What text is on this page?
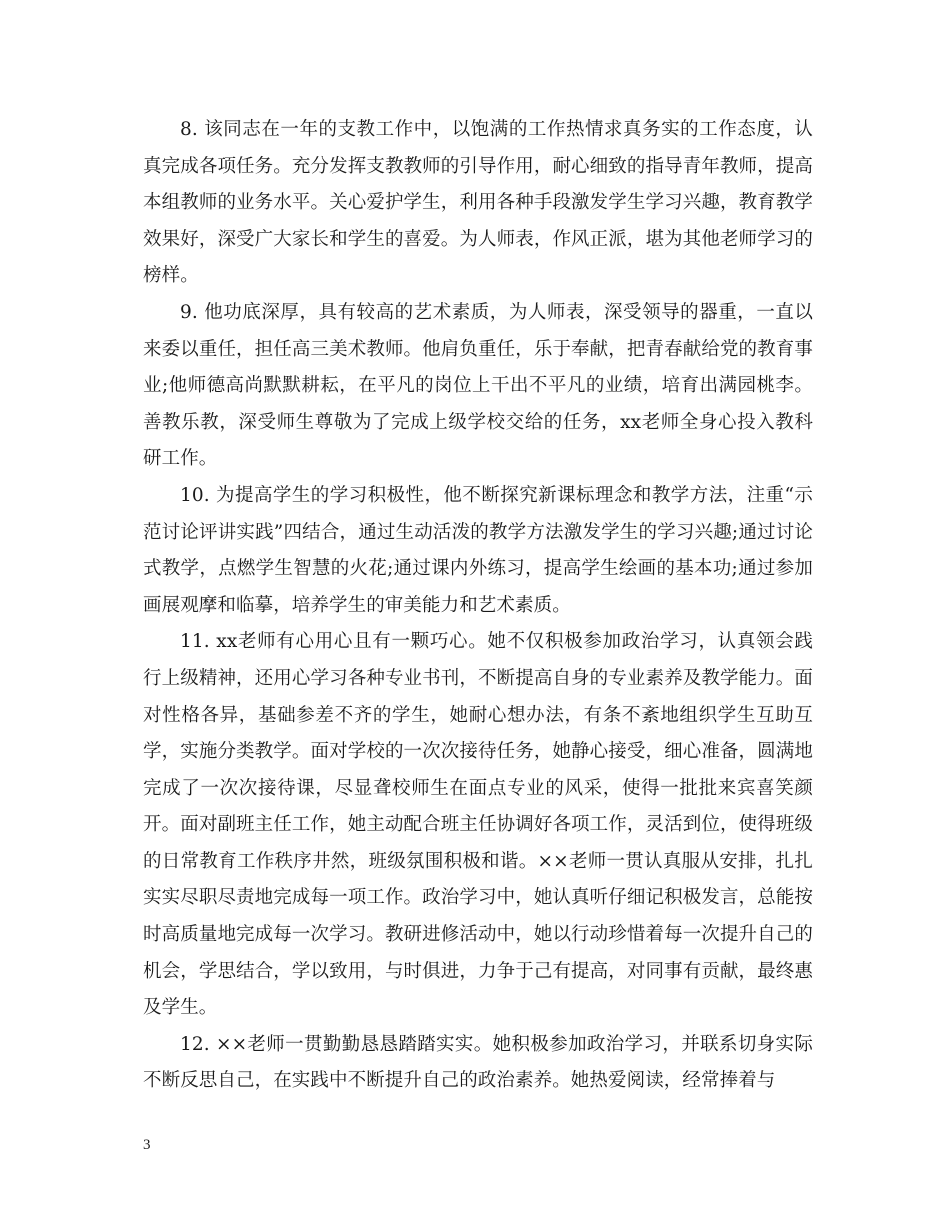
8. 该同志在一年的支教工作中，以饱满的工作热情求真务实的工作态度，认真完成各项任务。充分发挥支教教师的引导作用，耐心细致的指导青年教师，提高本组教师的业务水平。关心爱护学生，利用各种手段激发学生学习兴趣，教育教学效果好，深受广大家长和学生的喜爱。为人师表，作风正派，堪为其他老师学习的榜样。

9. 他功底深厚，具有较高的艺术素质，为人师表，深受领导的器重，一直以来委以重任，担任高三美术教师。他肩负重任，乐于奉献，把青春献给党的教育事业;他师德高尚默默耕耘，在平凡的岗位上干出不平凡的业绩，培育出满园桃李。善教乐教，深受师生尊敬为了完成上级学校交给的任务，xx老师全身心投入教科研工作。

10. 为提高学生的学习积极性，他不断探究新课标理念和教学方法，注重“示范讨论评讲实践”四结合，通过生动活泼的教学方法激发学生的学习兴趣;通过讨论式教学，点燃学生智慧的火花;通过课内外练习，提高学生绘画的基本功;通过参加画展观摩和临摹，培养学生的审美能力和艺术素质。

11. xx老师有心用心且有一颗巧心。她不仅积极参加政治学习，认真领会践行上级精神，还用心学习各种专业书刊，不断提高自身的专业素养及教学能力。面对性格各异，基础参差不齐的学生，她耐心想办法，有条不紊地组织学生互助互学，实施分类教学。面对学校的一次次接待任务，她静心接受，细心准备，圆满地完成了一次次接待课，尽显聋校师生在面点专业的风采，使得一批批来宾喜笑颜开。面对副班主任工作，她主动配合班主任协调好各项工作，灵活到位，使得班级的日常教育工作秩序井然，班级氛围积极和谐。××老师一贯认真服从安排，扎扎实实尽职尽责地完成每一项工作。政治学习中，她认真听仔细记积极发言，总能按时高质量地完成每一次学习。教研进修活动中，她以行动珍惜着每一次提升自己的机会，学思结合，学以致用，与时俱进，力争于己有提高，对同事有贡献，最终惠及学生。

12. ××老师一贯勤勤恳恳踏踏实实。她积极参加政治学习，并联系切身实际不断反思自己，在实践中不断提升自己的政治素养。她热爱阅读，经常捧着与

3
